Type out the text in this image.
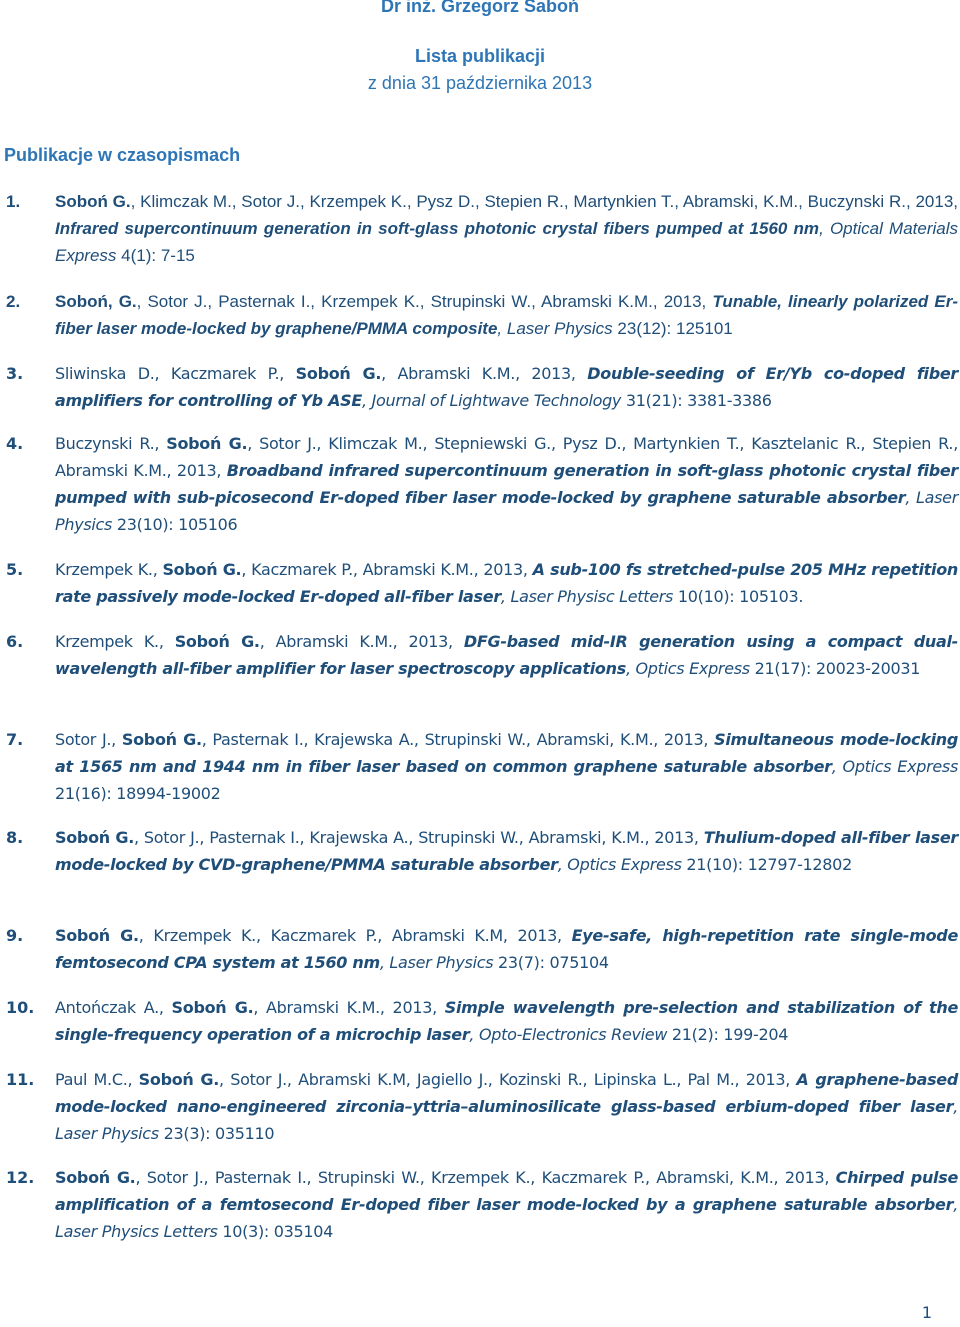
Dr inż. Grzegorz Saboń
Lista publikacji
z dnia 31 października 2013
Publikacje w czasopismach
1. Soboń G., Klimczak M., Sotor J., Krzempek K., Pysz D., Stepien R., Martynkien T., Abramski, K.M., Buczynski R., 2013, Infrared supercontinuum generation in soft-glass photonic crystal fibers pumped at 1560 nm, Optical Materials Express 4(1): 7-15
2. Soboń, G., Sotor J., Pasternak I., Krzempek K., Strupinski W., Abramski K.M., 2013, Tunable, linearly polarized Er-fiber laser mode-locked by graphene/PMMA composite, Laser Physics 23(12): 125101
3. Sliwinska D., Kaczmarek P., Soboń G., Abramski K.M., 2013, Double-seeding of Er/Yb co-doped fiber amplifiers for controlling of Yb ASE, Journal of Lightwave Technology 31(21): 3381-3386
4. Buczynski R., Soboń G., Sotor J., Klimczak M., Stepniewski G., Pysz D., Martynkien T., Kasztelanic R., Stepien R., Abramski K.M., 2013, Broadband infrared supercontinuum generation in soft-glass photonic crystal fiber pumped with sub-picosecond Er-doped fiber laser mode-locked by graphene saturable absorber, Laser Physics 23(10): 105106
5. Krzempek K., Soboń G., Kaczmarek P., Abramski K.M., 2013, A sub-100 fs stretched-pulse 205 MHz repetition rate passively mode-locked Er-doped all-fiber laser, Laser Physisc Letters 10(10): 105103.
6. Krzempek K., Soboń G., Abramski K.M., 2013, DFG-based mid-IR generation using a compact dual-wavelength all-fiber amplifier for laser spectroscopy applications, Optics Express 21(17): 20023-20031
7. Sotor J., Soboń G., Pasternak I., Krajewska A., Strupinski W., Abramski, K.M., 2013, Simultaneous mode-locking at 1565 nm and 1944 nm in fiber laser based on common graphene saturable absorber, Optics Express 21(16): 18994-19002
8. Soboń G., Sotor J., Pasternak I., Krajewska A., Strupinski W., Abramski, K.M., 2013, Thulium-doped all-fiber laser mode-locked by CVD-graphene/PMMA saturable absorber, Optics Express 21(10): 12797-12802
9. Soboń G., Krzempek K., Kaczmarek P., Abramski K.M, 2013, Eye-safe, high-repetition rate single-mode femtosecond CPA system at 1560 nm, Laser Physics 23(7): 075104
10. Antończak A., Soboń G., Abramski K.M., 2013, Simple wavelength pre-selection and stabilization of the single-frequency operation of a microchip laser, Opto-Electronics Review 21(2): 199-204
11. Paul M.C., Soboń G., Sotor J., Abramski K.M, Jagiello J., Kozinski R., Lipinska L., Pal M., 2013, A graphene-based mode-locked nano-engineered zirconia–yttria–aluminosilicate glass-based erbium-doped fiber laser, Laser Physics 23(3): 035110
12. Soboń G., Sotor J., Pasternak I., Strupinski W., Krzempek K., Kaczmarek P., Abramski, K.M., 2013, Chirped pulse amplification of a femtosecond Er-doped fiber laser mode-locked by a graphene saturable absorber, Laser Physics Letters 10(3): 035104
1
